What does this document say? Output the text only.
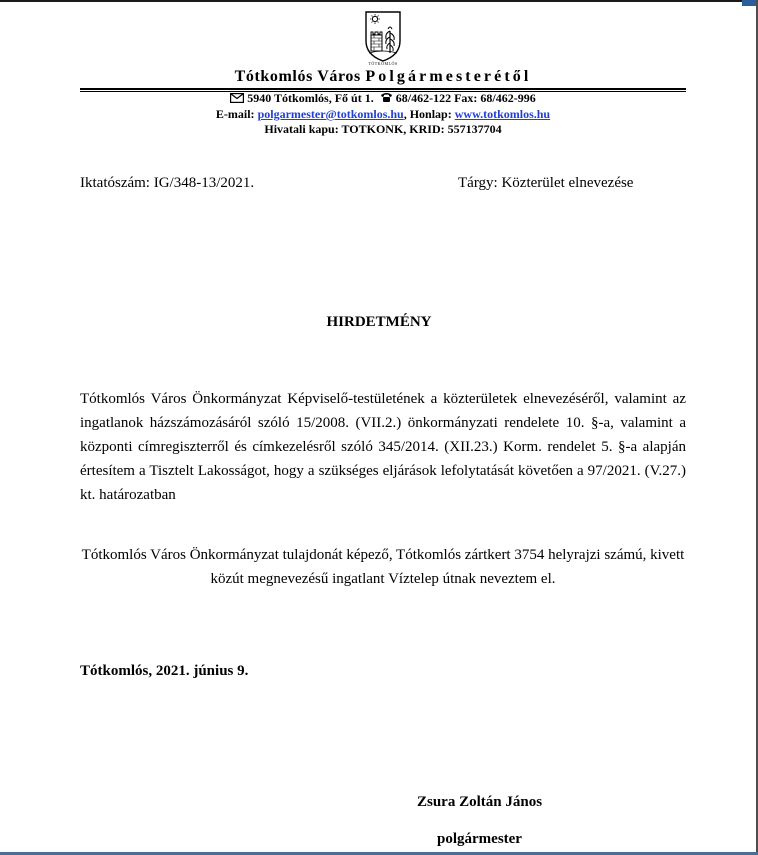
TÓTKOMLÓS
Tótkomlós Város Polgármesterétől
5940 Tótkomlós, Fő út 1. 68/462-122 Fax: 68/462-996
E-mail: polgarmester@totkomlos.hu, Honlap: www.totkomlos.hu
Hivatali kapu: TOTKONK, KRID: 557137704
Iktatószám: IG/348-13/2021.	Tárgy: Közterület elnevezése
HIRDETMÉNY
Tótkomlós Város Önkormányzat Képviselő-testületének a közterületek elnevezéséről, valamint az ingatlanok házszámozásáról szóló 15/2008. (VII.2.) önkormányzati rendelete 10. §-a, valamint a központi címregiszterről és címkezelésről szóló 345/2014. (XII.23.) Korm. rendelet 5. §-a alapján értesítem a Tisztelt Lakosságot, hogy a szükséges eljárások lefolytatását követően a 97/2021. (V.27.) kt. határozatban
Tótkomlós Város Önkormányzat tulajdonát képező, Tótkomlós zártkert 3754 helyrajzi számú, kivett közút megnevezésű ingatlant Víztelep útnak neveztem el.
Tótkomlós, 2021. június 9.
Zsura Zoltán János
polgármester
